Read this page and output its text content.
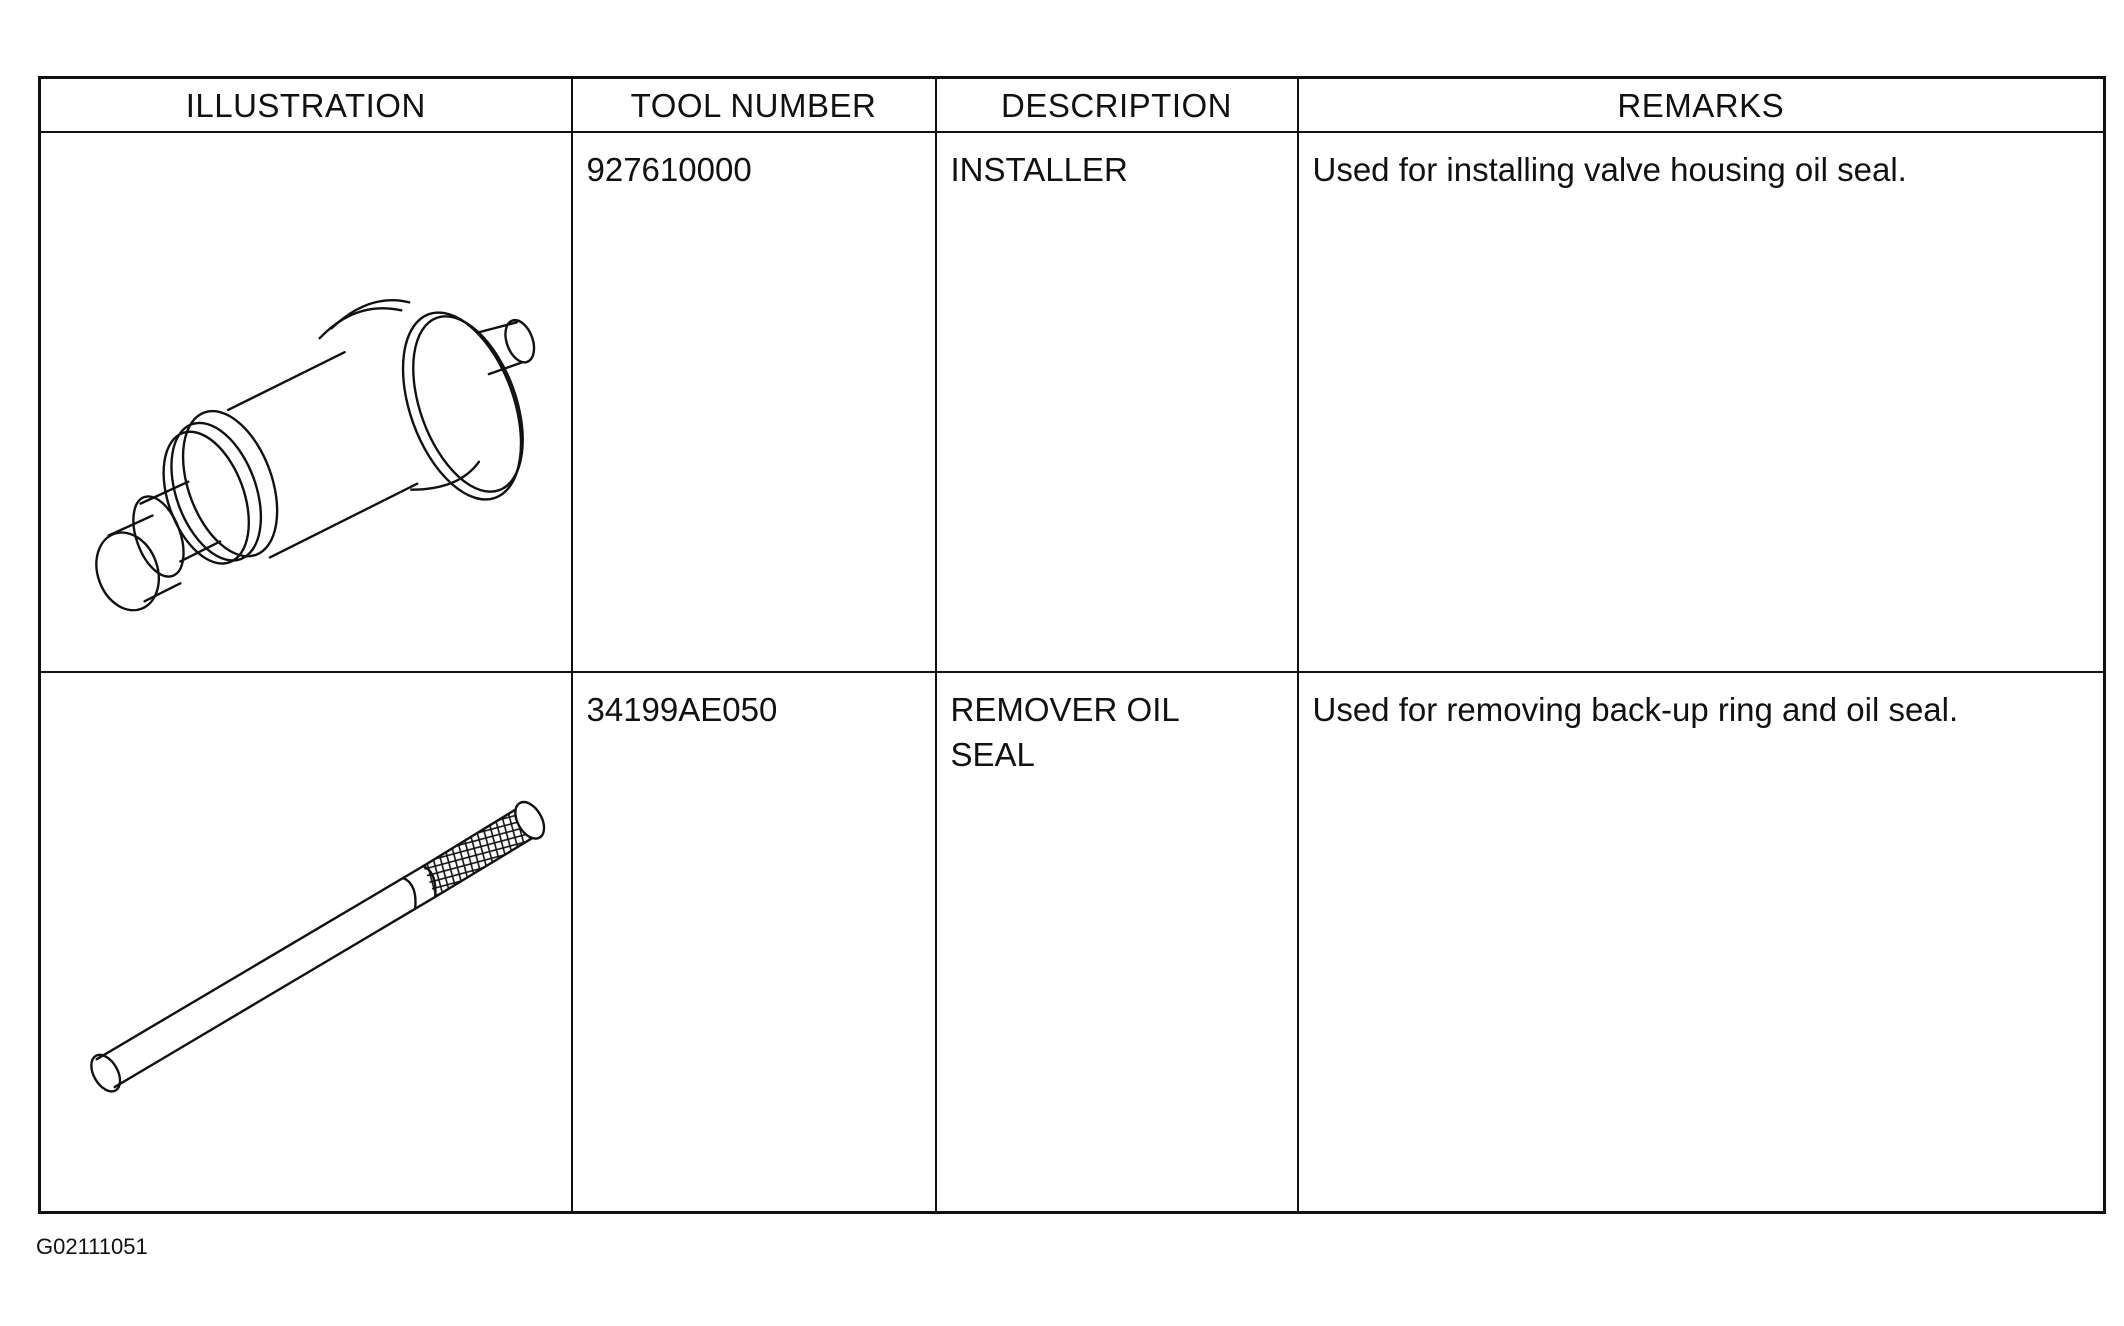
ILLUSTRATION	TOOL NUMBER	DESCRIPTION	REMARKS

927610000	INSTALLER	Used for installing valve housing oil seal.

34199AE050	REMOVER OIL SEAL	Used for removing back-up ring and oil seal.
G02111051
